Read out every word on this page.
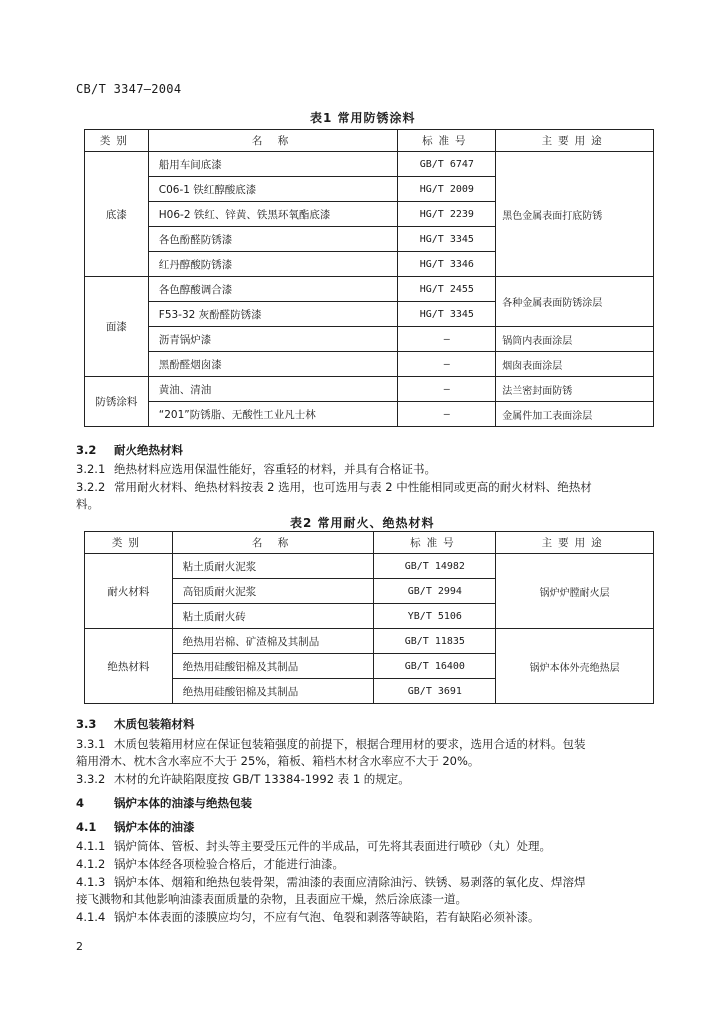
CB/T 3347—2004
表1 常用防锈涂料
类别	名 称	标准号	主要用途
底漆	船用车间底漆	GB/T 6747	黑色金属表面打底防锈
	C06-1 铁红醇酸底漆	HG/T 2009	
	H06-2 铁红、锌黄、铁黑环氧酯底漆	HG/T 2239	
	各色酚醛防锈漆	HG/T 3345	
	红丹醇酸防锈漆	HG/T 3346	
面漆	各色醇酸调合漆	HG/T 2455	各种金属表面防锈涂层
	F53-32 灰酚醛防锈漆	HG/T 3345	
	沥青锅炉漆	—	锅筒内表面涂层
	黑酚醛烟囱漆	—	烟囱表面涂层
防锈涂料	黄油、清油	—	法兰密封面防锈
	“201”防锈脂、无酸性工业凡士林	—	金属件加工表面涂层
3.2 耐火绝热材料
3.2.1 绝热材料应选用保温性能好，容重轻的材料，并具有合格证书。
3.2.2 常用耐火材料、绝热材料按表 2 选用，也可选用与表 2 中性能相同或更高的耐火材料、绝热材
料。
表2 常用耐火、绝热材料
类别	名 称	标准号	主要用途
耐火材料	粘土质耐火泥浆	GB/T 14982	锅炉炉膛耐火层
	高铝质耐火泥浆	GB/T 2994	
	粘土质耐火砖	YB/T 5106	
绝热材料	绝热用岩棉、矿渣棉及其制品	GB/T 11835	锅炉本体外壳绝热层
	绝热用硅酸铝棉及其制品	GB/T 16400	
	绝热用硅酸铝棉及其制品	GB/T 3691	
3.3 木质包装箱材料
3.3.1 木质包装箱用材应在保证包装箱强度的前提下，根据合理用材的要求，选用合适的材料。包装
箱用滑木、枕木含水率应不大于 25%，箱板、箱档木材含水率应不大于 20%。
3.3.2 木材的允许缺陷限度按 GB/T 13384-1992 表 1 的规定。
4	锅炉本体的油漆与绝热包装
4.1 锅炉本体的油漆
4.1.1 锅炉筒体、管板、封头等主要受压元件的半成品，可先将其表面进行喷砂（丸）处理。
4.1.2 锅炉本体经各项检验合格后，才能进行油漆。
4.1.3 锅炉本体、烟箱和绝热包装骨架，需油漆的表面应清除油污、铁锈、易剥落的氧化皮、焊溶焊
接飞溅物和其他影响油漆表面质量的杂物，且表面应干燥，然后涂底漆一道。
4.1.4 锅炉本体表面的漆膜应均匀，不应有气泡、龟裂和剥落等缺陷，若有缺陷必须补漆。
2
